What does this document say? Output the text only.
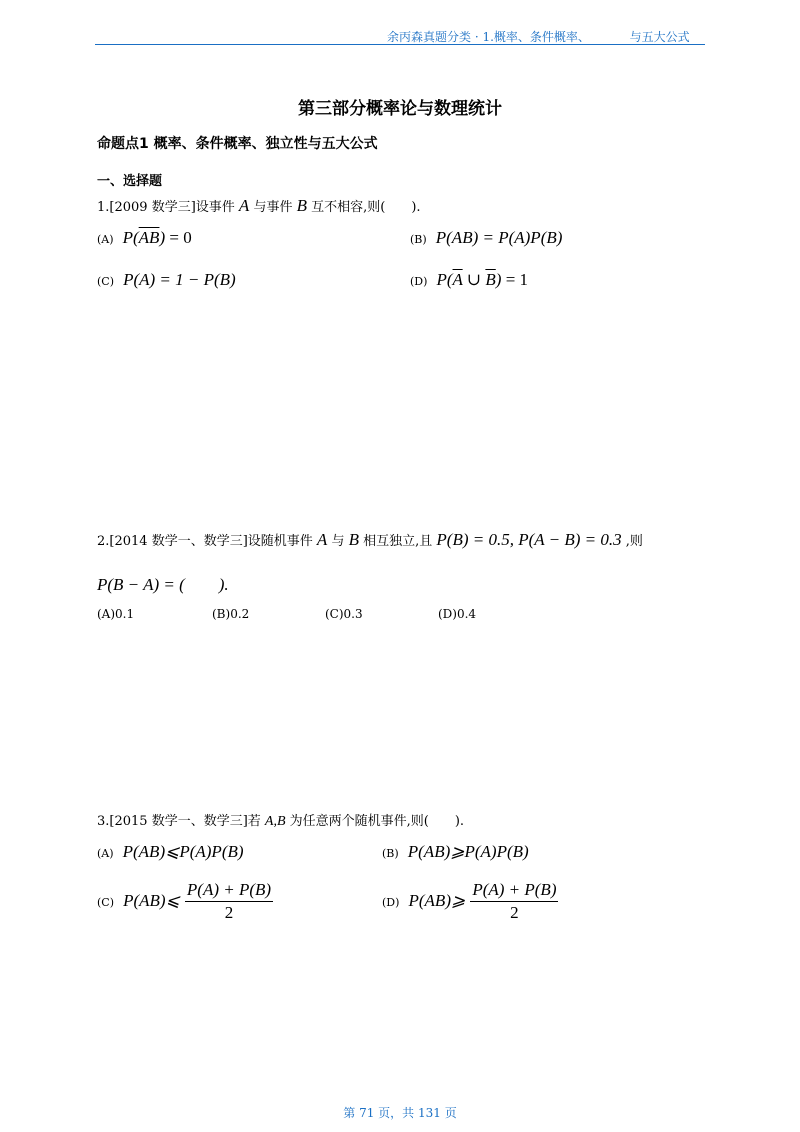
余丙森真题分类 · 1.概率、条件概率、	与五大公式
第三部分概率论与数理统计
命题点1 概率、条件概率、独立性与五大公式
一、选择题
1.[2009 数学三]设事件 A 与事件 B 互不相容,则(　　).
(A) $P(\overline{AB}) = 0$	(B) P(AB) = P(A)P(B)
(C) P(A) = 1 − P(B)	(D) $P(\overline{A}$ ∪ $\overline{B}) = 1$
2.[2014 数学一、数学三]设随机事件 A 与 B 相互独立,且 P(B) = 0.5, P(A − B) = 0.3 ,则
P(B − A) = (　　).
(A)0.1	(B)0.2	(C)0.3	(D)0.4
3.[2015 数学一、数学三]若 A,B 为任意两个随机事件,则(　　).
(A) P(AB)⩽P(A)P(B)	(B) P(AB)⩾P(A)P(B)
(C) P(AB)⩽ $\frac{P(A) + P(B)}{2}$	(D) P(AB)⩾ $\frac{P(A) + P(B)}{2}$
第 71 页，共 131 页
